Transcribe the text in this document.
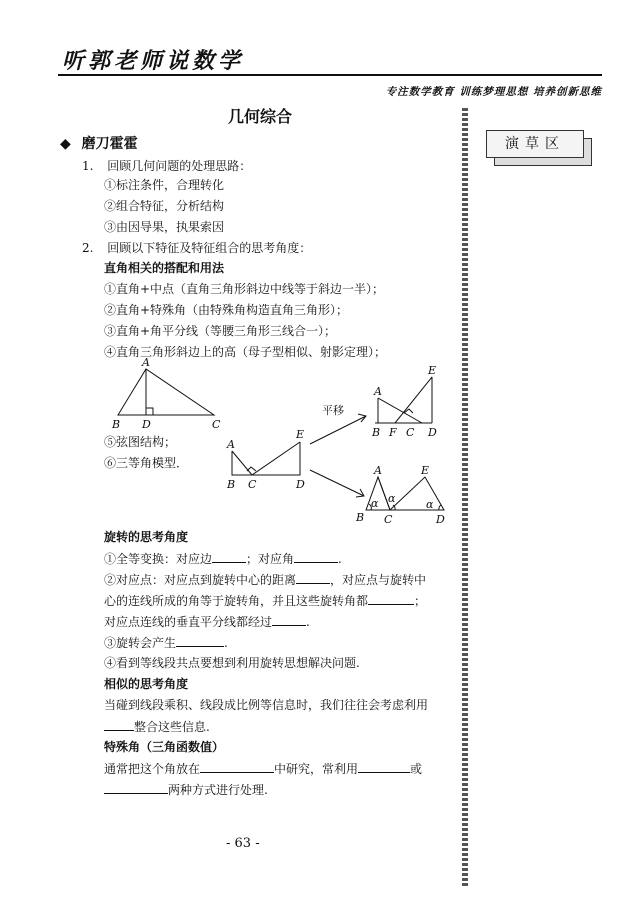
听郭老师说数学
专注数学教育 训练梦理思想 培养创新思维
演草区
几何综合
◆ 磨刀霍霍
1. 回顾几何问题的处理思路：
①标注条件，合理转化
②组合特征，分析结构
③由因导果，执果索因
2. 回顾以下特征及特征组合的思考角度：
直角相关的搭配和用法
①直角+中点（直角三角形斜边中线等于斜边一半）；
②直角+特殊角（由特殊角构造直角三角形）；
③直角+角平分线（等腰三角形三线合一）；
④直角三角形斜边上的高（母子型相似、射影定理）；
⑤弦图结构；
⑥三等角模型．
旋转的思考角度
①全等变换：对应边	；对应角	.
②对应点：对应点到旋转中心的距离	，对应点与旋转中
心的连线所成的角等于旋转角，并且这些旋转角都	；
对应点连线的垂直平分线都经过	.
③旋转会产生	.
④看到等线段共点要想到利用旋转思想解决问题.
相似的思考角度
当碰到线段乘积、线段成比例等信息时，我们往往会考虑利用
整合这些信息.
特殊角（三角函数值）
通常把这个角放在	中研究，常利用	或
两种方式进行处理.
A
B D	C
A
B C
E
D
平移
A
B F C
E
D
A
B C
E
D
α α	α
- 63 -
